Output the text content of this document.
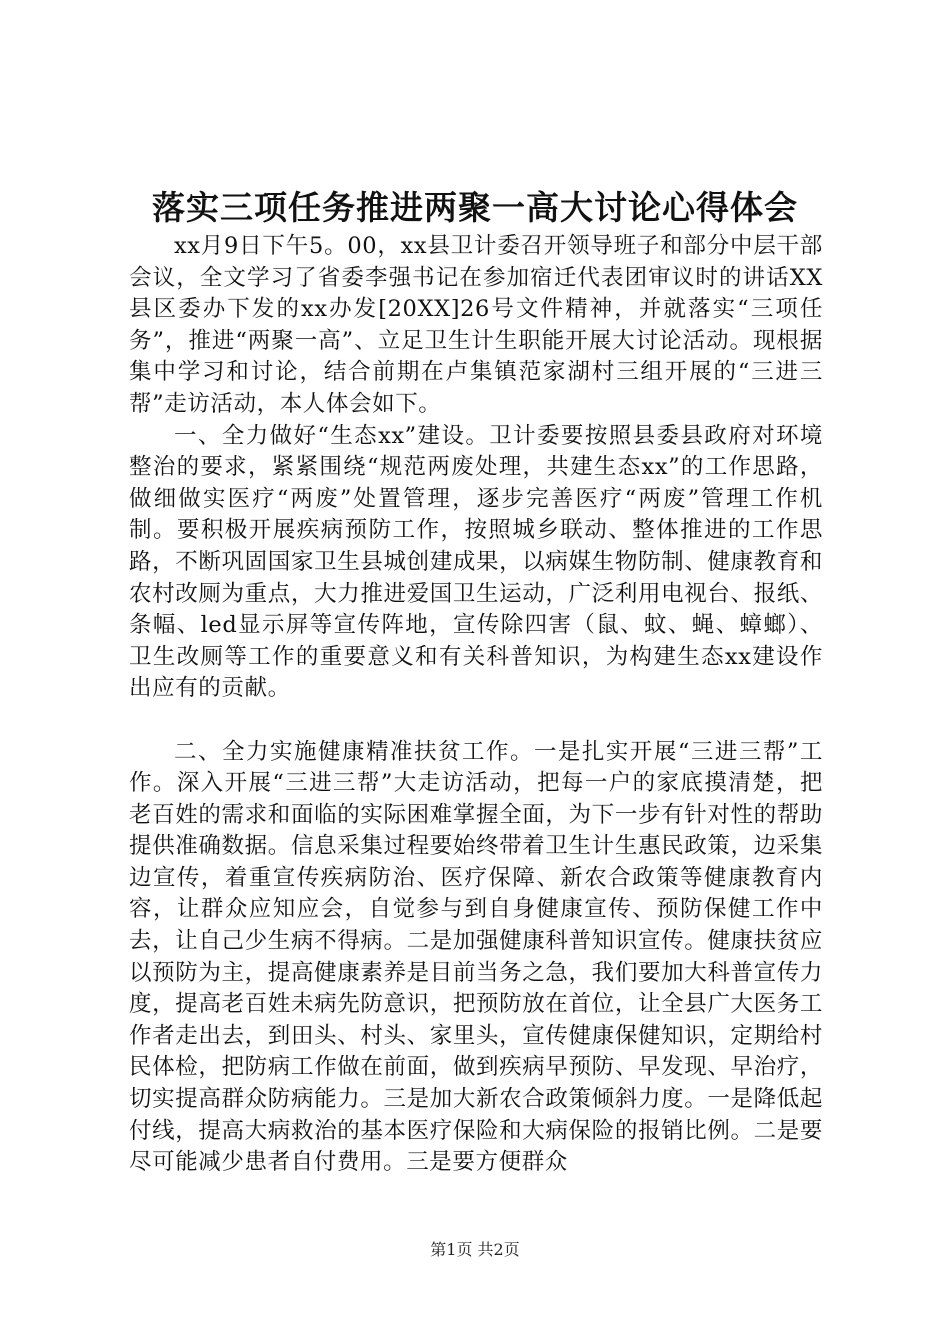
落实三项任务推进两聚一高大讨论心得体会

xx月9日下午5。00，xx县卫计委召开领导班子和部分中层干部会议，全文学习了省委李强书记在参加宿迁代表团审议时的讲话XX县区委办下发的xx办发[20XX]26号文件精神，并就落实“三项任务”，推进“两聚一高”、立足卫生计生职能开展大讨论活动。现根据集中学习和讨论，结合前期在卢集镇范家湖村三组开展的“三进三帮”走访活动，本人体会如下。

一、全力做好“生态xx”建设。卫计委要按照县委县政府对环境整治的要求，紧紧围绕“规范两废处理，共建生态xx”的工作思路，做细做实医疗“两废”处置管理，逐步完善医疗“两废”管理工作机制。要积极开展疾病预防工作，按照城乡联动、整体推进的工作思路，不断巩固国家卫生县城创建成果，以病媒生物防制、健康教育和农村改厕为重点，大力推进爱国卫生运动，广泛利用电视台、报纸、条幅、led显示屏等宣传阵地，宣传除四害（鼠、蚊、蝇、蟑螂）、卫生改厕等工作的重要意义和有关科普知识，为构建生态xx建设作出应有的贡献。

二、全力实施健康精准扶贫工作。一是扎实开展“三进三帮”工作。深入开展“三进三帮”大走访活动，把每一户的家底摸清楚，把老百姓的需求和面临的实际困难掌握全面，为下一步有针对性的帮助提供准确数据。信息采集过程要始终带着卫生计生惠民政策，边采集边宣传，着重宣传疾病防治、医疗保障、新农合政策等健康教育内容，让群众应知应会，自觉参与到自身健康宣传、预防保健工作中去，让自己少生病不得病。二是加强健康科普知识宣传。健康扶贫应以预防为主，提高健康素养是目前当务之急，我们要加大科普宣传力度，提高老百姓未病先防意识，把预防放在首位，让全县广大医务工作者走出去，到田头、村头、家里头，宣传健康保健知识，定期给村民体检，把防病工作做在前面，做到疾病早预防、早发现、早治疗，切实提高群众防病能力。三是加大新农合政策倾斜力度。一是降低起付线，提高大病救治的基本医疗保险和大病保险的报销比例。二是要尽可能减少患者自付费用。三是要方便群众

第1页 共2页
